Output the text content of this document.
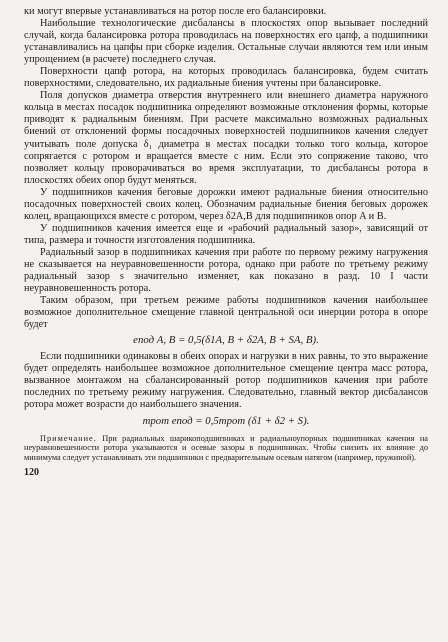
ки могут впервые устанавливаться на ротор после его балансировки.

Наибольшие технологические дисбалансы в плоскостях опор вызывает последний случай, когда балансировка ротора проводилась на поверхностях его цапф, а подшипники устанавливались на цапфы при сборке изделия. Остальные случаи являются тем или иным упрощением (в расчете) последнего случая.

Поверхности цапф ротора, на которых проводилась балансировка, будем считать поверхностями, следовательно, их радиальные биения учтены при балансировке.

Поля допусков диаметра отверстия внутреннего или внешнего диаметра наружного кольца в местах посадок подшипника определяют возможные отклонения формы, которые приводят к радиальным биениям. При расчете максимально возможных радиальных биений от отклонений формы посадочных поверхностей подшипников качения следует учитывать поле допуска δ₁ диаметра в местах посадки только того кольца, которое сопрягается с ротором и вращается вместе с ним. Если это сопряжение таково, что позволяет кольцу проворачиваться во время эксплуатации, то дисбалансы ротора в плоскостях обеих опор будут меняться.

У подшипников качения беговые дорожки имеют радиальные биения относительно посадочных поверхностей своих колец. Обозначим радиальные биения беговых дорожек колец, вращающихся вместе с ротором, через δ2A,B для подшипников опор A и B.

У подшипников качения имеется еще и «рабочий радиальный зазор», зависящий от типа, размера и точности изготовления подшипника.

Радиальный зазор в подшипниках качения при работе по первому режиму нагружения не сказывается на неуравновешенности ротора, однако при работе по третьему режиму радиальный зазор s значительно изменяет, как показано в разд. 10 I части неуравновешенность ротора.

Таким образом, при третьем режиме работы подшипников качения наибольшее возможное дополнительное смещение главной центральной оси инерции ротора в опоре будет

eпод A, B = 0,5(δ1A, B + δ2A, B + SA, B).

Если подшипники одинаковы в обеих опорах и нагрузки в них равны, то это выражение будет определять наибольшее возможное дополнительное смещение центра масс ротора, вызванное монтажом на сбалансированный ротор подшипников качения при работе последних по третьему режиму нагружения. Следовательно, главный вектор дисбалансов ротора может возрасти до наибольшего значения.

mрот eпод = 0,5mрот (δ1 + δ2 + S).

Примечание. При радиальных шарикоподшипниках и радиальноупорных подшипниках качения на неуравновешенности ротора указываются и осевые зазоры в подшипниках. Чтобы снизить их влияние до минимума следует устанавливать эти подшипники с предварительным осевым натягом (например, пружиной).

120
